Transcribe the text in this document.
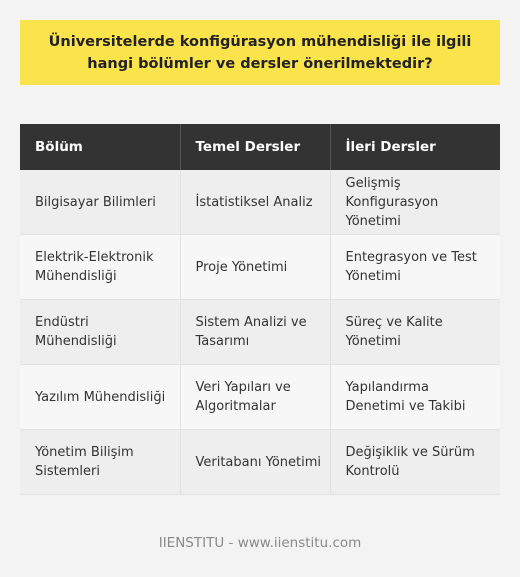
Üniversitelerde konfigürasyon mühendisliği ile ilgili
hangi bölümler ve dersler önerilmektedir?
Bölüm	Temel Dersler	İleri Dersler
Bilgisayar Bilimleri	İstatistiksel Analiz	Gelişmiş Konfigurasyon Yönetimi
Elektrik-Elektronik Mühendisliği	Proje Yönetimi	Entegrasyon ve Test Yönetimi
Endüstri Mühendisliği	Sistem Analizi ve Tasarımı	Süreç ve Kalite Yönetimi
Yazılım Mühendisliği	Veri Yapıları ve Algoritmalar	Yapılandırma Denetimi ve Takibi
Yönetim Bilişim Sistemleri	Veritabanı Yönetimi	Değişiklik ve Sürüm Kontrolü
IIENSTITU - www.iienstitu.com
